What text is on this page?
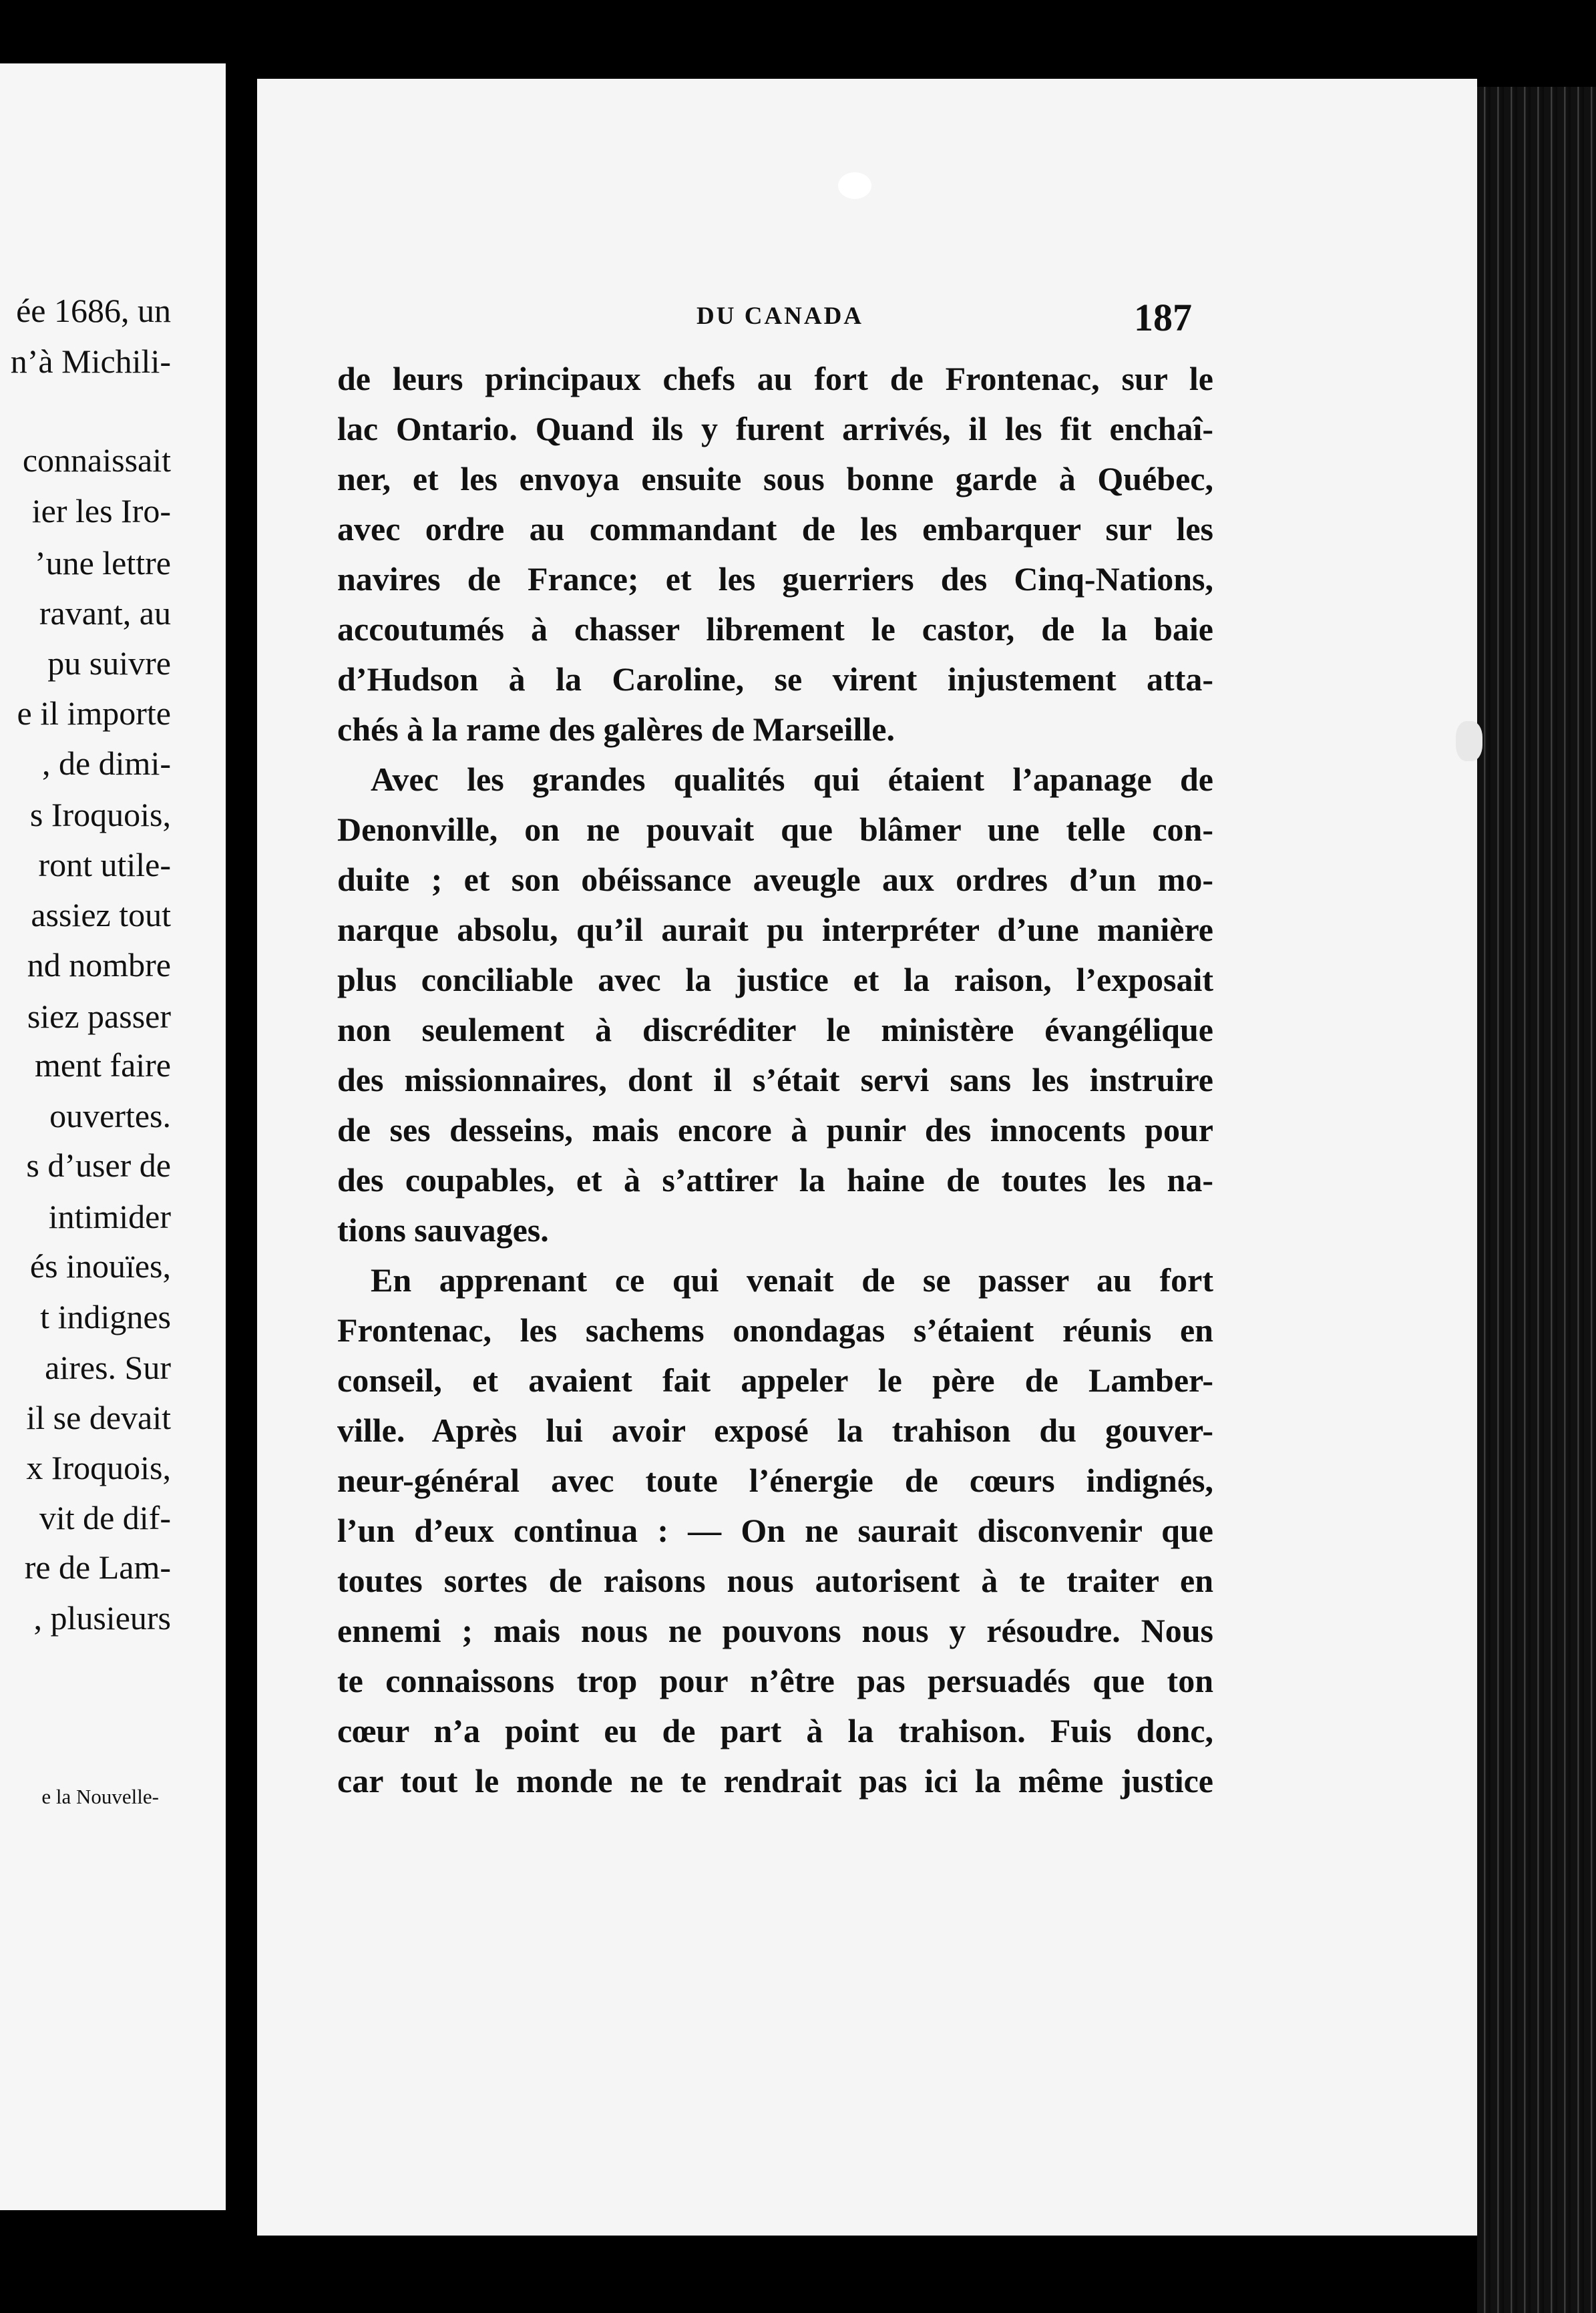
ée 1686, un
n’à Michili-
connaissait
ier les Iro-
’une lettre
ravant, au
pu suivre
e il importe
, de dimi-
s Iroquois,
ront utile-
assiez tout
nd nombre
siez passer
ment faire
ouvertes.
s d’user de
intimider
és inouïes,
t indignes
aires. Sur
il se devait
x Iroquois,
vit de dif-
re de Lam-
, plusieurs
e la Nouvelle-
DU CANADA	187
de leurs principaux chefs au fort de Frontenac, sur le
lac Ontario. Quand ils y furent arrivés, il les fit enchaî-
ner, et les envoya ensuite sous bonne garde à Québec,
avec ordre au commandant de les embarquer sur les
navires de France; et les guerriers des Cinq-Nations,
accoutumés à chasser librement le castor, de la baie
d’Hudson à la Caroline, se virent injustement atta-
chés à la rame des galères de Marseille.
Avec les grandes qualités qui étaient l’apanage de
Denonville, on ne pouvait que blâmer une telle con-
duite ; et son obéissance aveugle aux ordres d’un mo-
narque absolu, qu’il aurait pu interpréter d’une manière
plus conciliable avec la justice et la raison, l’exposait
non seulement à discréditer le ministère évangélique
des missionnaires, dont il s’était servi sans les instruire
de ses desseins, mais encore à punir des innocents pour
des coupables, et à s’attirer la haine de toutes les na-
tions sauvages.
En apprenant ce qui venait de se passer au fort
Frontenac, les sachems onondagas s’étaient réunis en
conseil, et avaient fait appeler le père de Lamber-
ville. Après lui avoir exposé la trahison du gouver-
neur-général avec toute l’énergie de cœurs indignés,
l’un d’eux continua : — On ne saurait disconvenir que
toutes sortes de raisons nous autorisent à te traiter en
ennemi ; mais nous ne pouvons nous y résoudre. Nous
te connaissons trop pour n’être pas persuadés que ton
cœur n’a point eu de part à la trahison. Fuis donc,
car tout le monde ne te rendrait pas ici la même justice
